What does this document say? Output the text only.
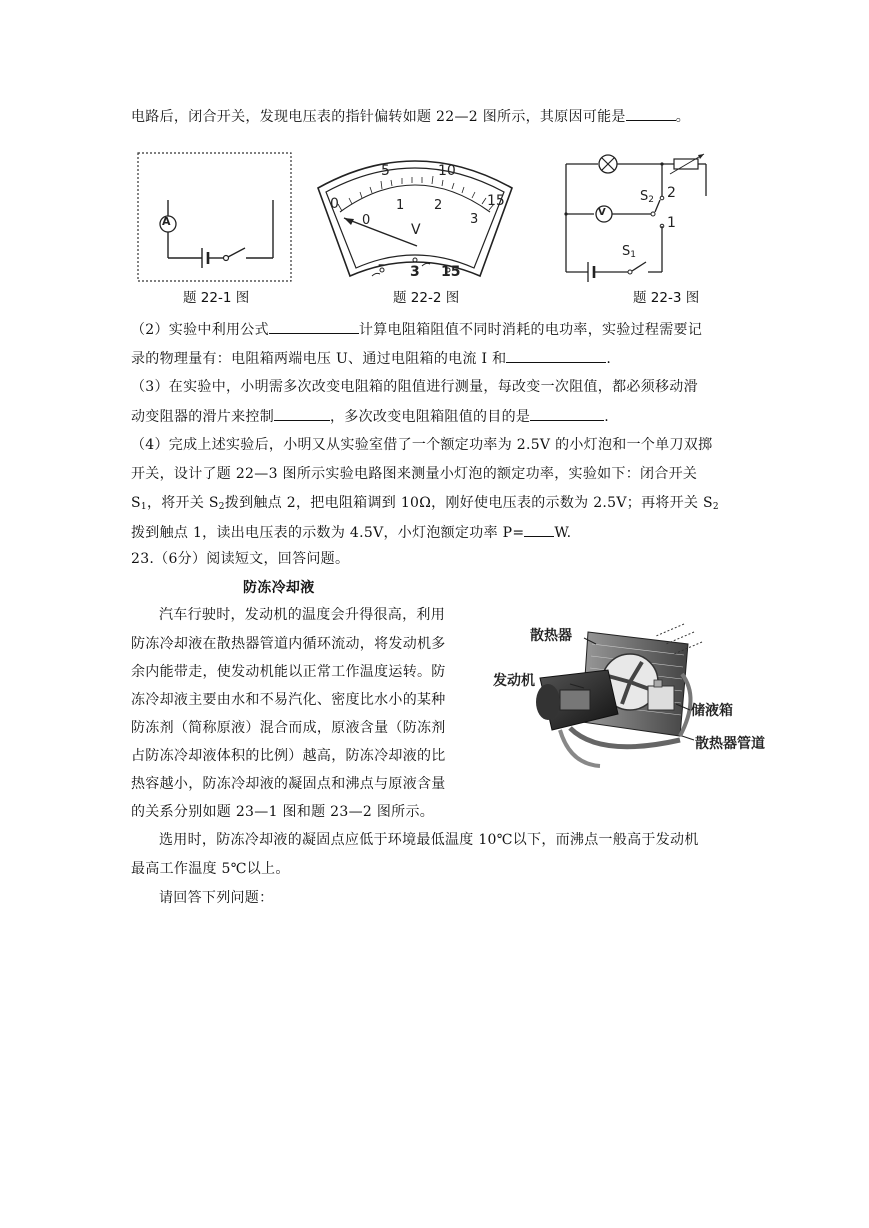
电路后，闭合开关，发现电压表的指针偏转如题 22—2 图所示，其原因可能是	。
A
题 22-1 图
0
5	10
15
0
1 2
3
V
– 3 15
题 22-2 图
V
$S_2$ 2
1
$S_1$
题 22-3 图
（2）实验中利用公式	计算电阻箱阻值不同时消耗的电功率，实验过程需要记
录的物理量有：电阻箱两端电压 U、通过电阻箱的电流 I 和	.
（3）在实验中，小明需多次改变电阻箱的阻值进行测量，每改变一次阻值，都必须移动滑
动变阻器的滑片来控制	，多次改变电阻箱阻值的目的是	.
（4）完成上述实验后，小明又从实验室借了一个额定功率为 2.5V 的小灯泡和一个单刀双掷
开关，设计了题 22—3 图所示实验电路图来测量小灯泡的额定功率，实验如下：闭合开关
$S_1$，将开关 $S_2$拨到触点 2，把电阻箱调到 10Ω，刚好使电压表的示数为 2.5V；再将开关 $S_2$
拨到触点 1，读出电压表的示数为 4.5V，小灯泡额定功率 P= W.
23.（6分）阅读短文，回答问题。
防冻冷却液
汽车行驶时，发动机的温度会升得很高，利用
防冻冷却液在散热器管道内循环流动，将发动机多
余内能带走，使发动机能以正常工作温度运转。防
冻冷却液主要由水和不易汽化、密度比水小的某种
防冻剂（简称原液）混合而成，原液含量（防冻剂
占防冻冷却液体积的比例）越高，防冻冷却液的比
热容越小，防冻冷却液的凝固点和沸点与原液含量
的关系分别如题 23—1 图和题 23—2 图所示。
散热器
发动机
储液箱
散热器管道
选用时，防冻冷却液的凝固点应低于环境最低温度 10℃以下，而沸点一般高于发动机
最高工作温度 5℃以上。
请回答下列问题：
